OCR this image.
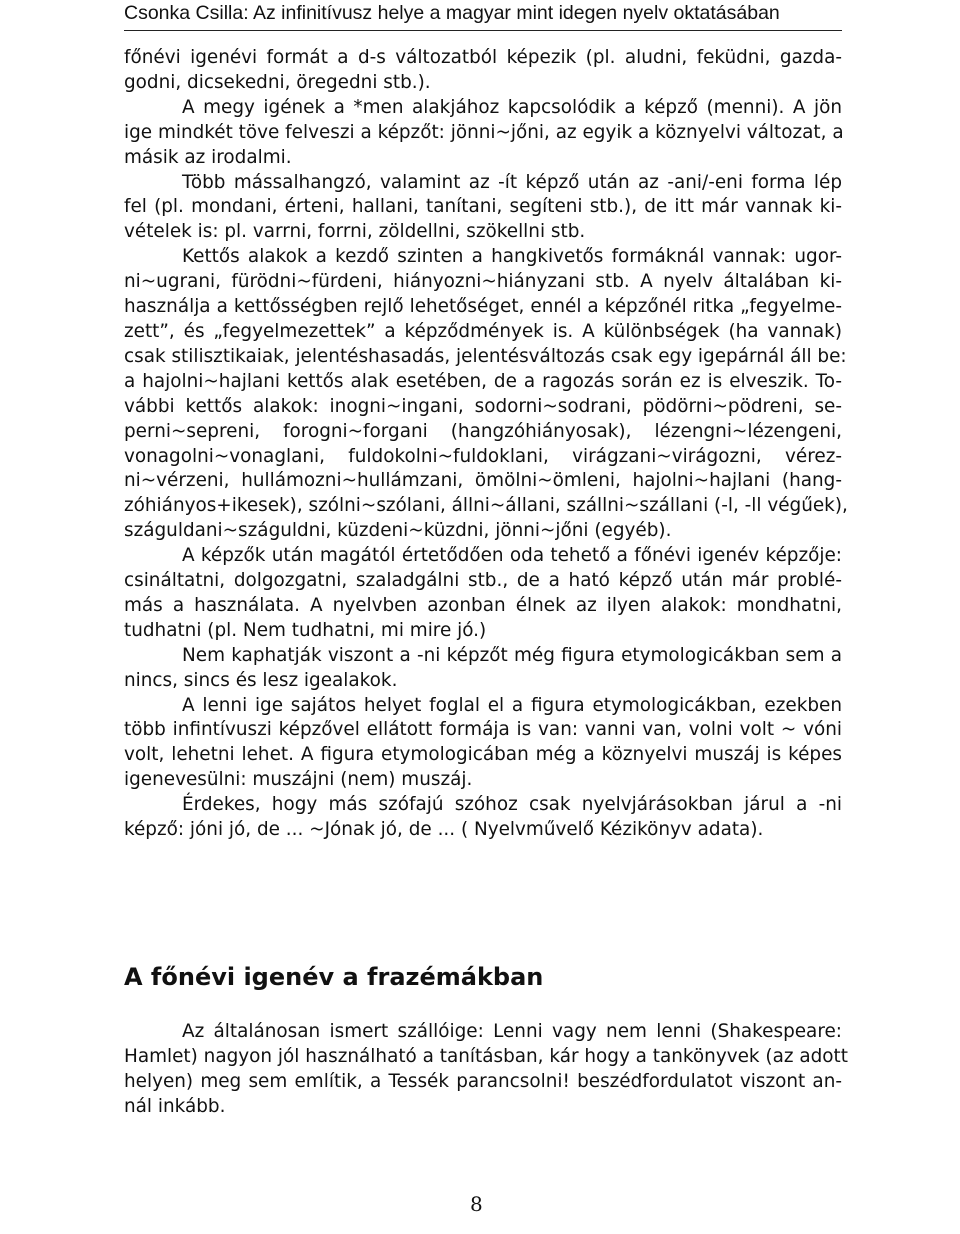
Csonka Csilla: Az infinitívusz helye a magyar mint idegen nyelv oktatásában
főnévi igenévi formát a d-s változatból képezik (pl. aludni, feküdni, gazda-
godni, dicsekedni, öregedni stb.).
A megy igének a *men alakjához kapcsolódik a képző (menni). A jön
ige mindkét töve felveszi a képzőt: jönni~jőni, az egyik a köznyelvi változat, a
másik az irodalmi.
Több mássalhangzó, valamint az -ít képző után az -ani/-eni forma lép
fel (pl. mondani, érteni, hallani, tanítani, segíteni stb.), de itt már vannak ki-
vételek is: pl. varrni, forrni, zöldellni, szökellni stb.
Kettős alakok a kezdő szinten a hangkivetős formáknál vannak: ugor-
ni~ugrani, fürödni~fürdeni, hiányozni~hiányzani stb. A nyelv általában ki-
használja a kettősségben rejlő lehetőséget, ennél a képzőnél ritka „fegyelme-
zett”, és „fegyelmezettek” a képződmények is. A különbségek (ha vannak)
csak stilisztikaiak, jelentéshasadás, jelentésváltozás csak egy igepárnál áll be:
a hajolni~hajlani kettős alak esetében, de a ragozás során ez is elveszik. To-
vábbi kettős alakok: inogni~ingani, sodorni~sodrani, pödörni~pödreni, se-
perni~sepreni, forogni~forgani (hangzóhiányosak), lézengni~lézengeni,
vonagolni~vonaglani, fuldokolni~fuldoklani, virágzani~virágozni, vérez-
ni~vérzeni, hullámozni~hullámzani, ömölni~ömleni, hajolni~hajlani (hang-
zóhiányos+ikesek), szólni~szólani, állni~állani, szállni~szállani (-l, -ll végűek),
száguldani~száguldni, küzdeni~küzdni, jönni~jőni (egyéb).
A képzők után magától értetődően oda tehető a főnévi igenév képzője:
csináltatni, dolgozgatni, szaladgálni stb., de a ható képző után már problé-
más a használata. A nyelvben azonban élnek az ilyen alakok: mondhatni,
tudhatni (pl. Nem tudhatni, mi mire jó.)
Nem kaphatják viszont a -ni képzőt még figura etymologicákban sem a
nincs, sincs és lesz igealakok.
A lenni ige sajátos helyet foglal el a figura etymologicákban, ezekben
több infintívuszi képzővel ellátott formája is van: vanni van, volni volt ~ vóni
volt, lehetni lehet. A figura etymologicában még a köznyelvi muszáj is képes
igenevesülni: muszájni (nem) muszáj.
Érdekes, hogy más szófajú szóhoz csak nyelvjárásokban járul a -ni
képző: jóni jó, de ... ~Jónak jó, de ... ( Nyelvművelő Kézikönyv adata).
A főnévi igenév a frazémákban
Az általánosan ismert szállóige: Lenni vagy nem lenni (Shakespeare:
Hamlet) nagyon jól használható a tanításban, kár hogy a tankönyvek (az adott
helyen) meg sem említik, a Tessék parancsolni! beszédfordulatot viszont an-
nál inkább.
8
